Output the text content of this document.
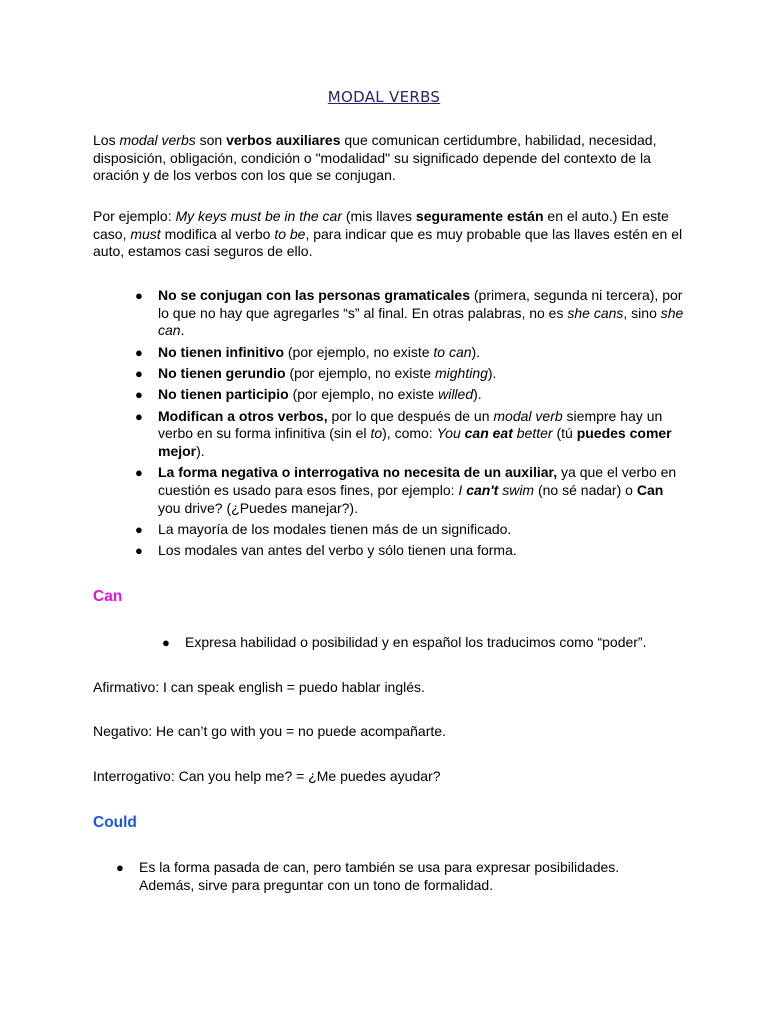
MODAL VERBS

Los modal verbs son verbos auxiliares que comunican certidumbre, habilidad, necesidad, disposición, obligación, condición o "modalidad" su significado depende del contexto de la oración y de los verbos con los que se conjugan.

Por ejemplo: My keys must be in the car (mis llaves seguramente están en el auto.) En este caso, must modifica al verbo to be, para indicar que es muy probable que las llaves estén en el auto, estamos casi seguros de ello.

● No se conjugan con las personas gramaticales (primera, segunda ni tercera), por lo que no hay que agregarles “s” al final. En otras palabras, no es she cans, sino she can.
● No tienen infinitivo (por ejemplo, no existe to can).
● No tienen gerundio (por ejemplo, no existe mighting).
● No tienen participio (por ejemplo, no existe willed).
● Modifican a otros verbos, por lo que después de un modal verb siempre hay un verbo en su forma infinitiva (sin el to), como: You can eat better (tú puedes comer mejor).
● La forma negativa o interrogativa no necesita de un auxiliar, ya que el verbo en cuestión es usado para esos fines, por ejemplo: I can't swim (no sé nadar) o Can you drive? (¿Puedes manejar?).
● La mayoría de los modales tienen más de un significado.
● Los modales van antes del verbo y sólo tienen una forma.
Can
● Expresa habilidad o posibilidad y en español los traducimos como “poder”.

Afirmativo: I can speak english = puedo hablar inglés.

Negativo: He can’t go with you = no puede acompañarte.

Interrogativo: Can you help me? = ¿Me puedes ayudar?

Could
● Es la forma pasada de can, pero también se usa para expresar posibilidades. Además, sirve para preguntar con un tono de formalidad.
